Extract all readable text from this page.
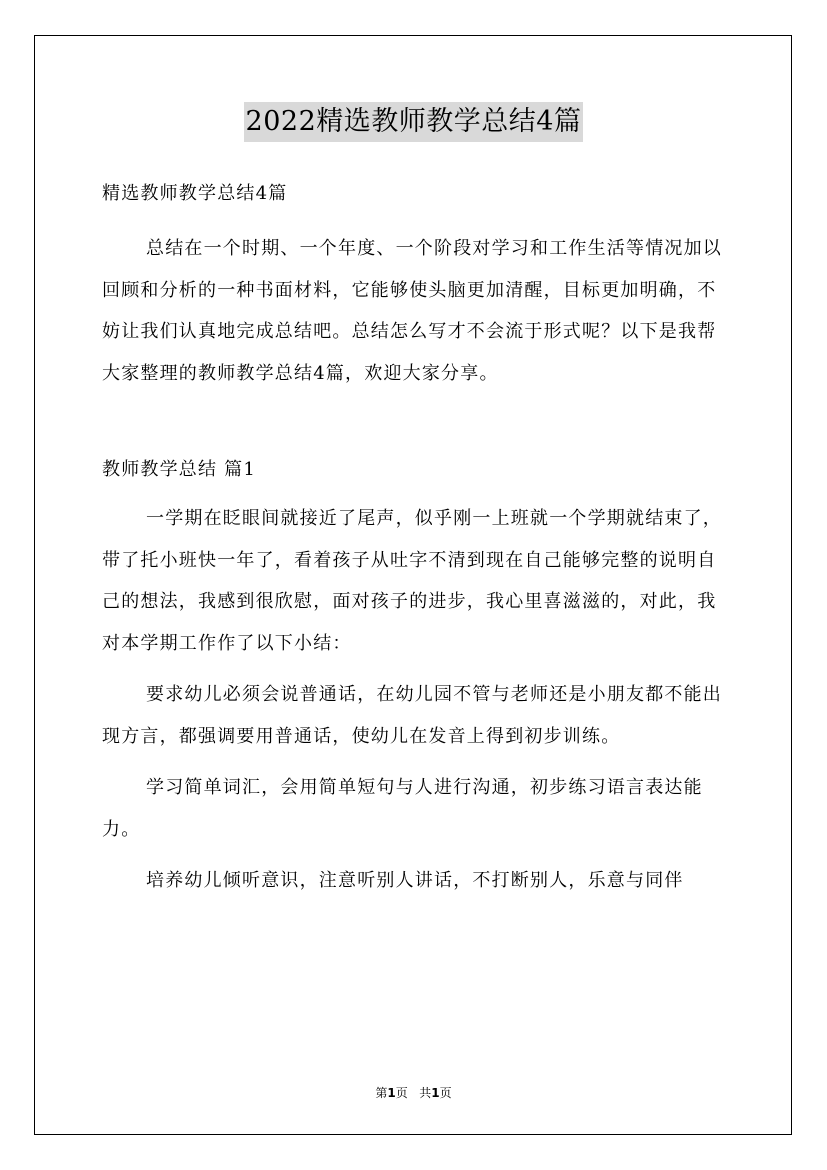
2022精选教师教学总结4篇

精选教师教学总结4篇

总结在一个时期、一个年度、一个阶段对学习和工作生活等情况加以回顾和分析的一种书面材料，它能够使头脑更加清醒，目标更加明确，不妨让我们认真地完成总结吧。总结怎么写才不会流于形式呢？以下是我帮大家整理的教师教学总结4篇，欢迎大家分享。

教师教学总结 篇1

一学期在眨眼间就接近了尾声，似乎刚一上班就一个学期就结束了，带了托小班快一年了，看着孩子从吐字不清到现在自己能够完整的说明自己的想法，我感到很欣慰，面对孩子的进步，我心里喜滋滋的，对此，我对本学期工作作了以下小结：

要求幼儿必须会说普通话，在幼儿园不管与老师还是小朋友都不能出现方言，都强调要用普通话，使幼儿在发音上得到初步训练。

学习简单词汇，会用简单短句与人进行沟通，初步练习语言表达能力。

培养幼儿倾听意识，注意听别人讲话，不打断别人，乐意与同伴

第1页 共1页
